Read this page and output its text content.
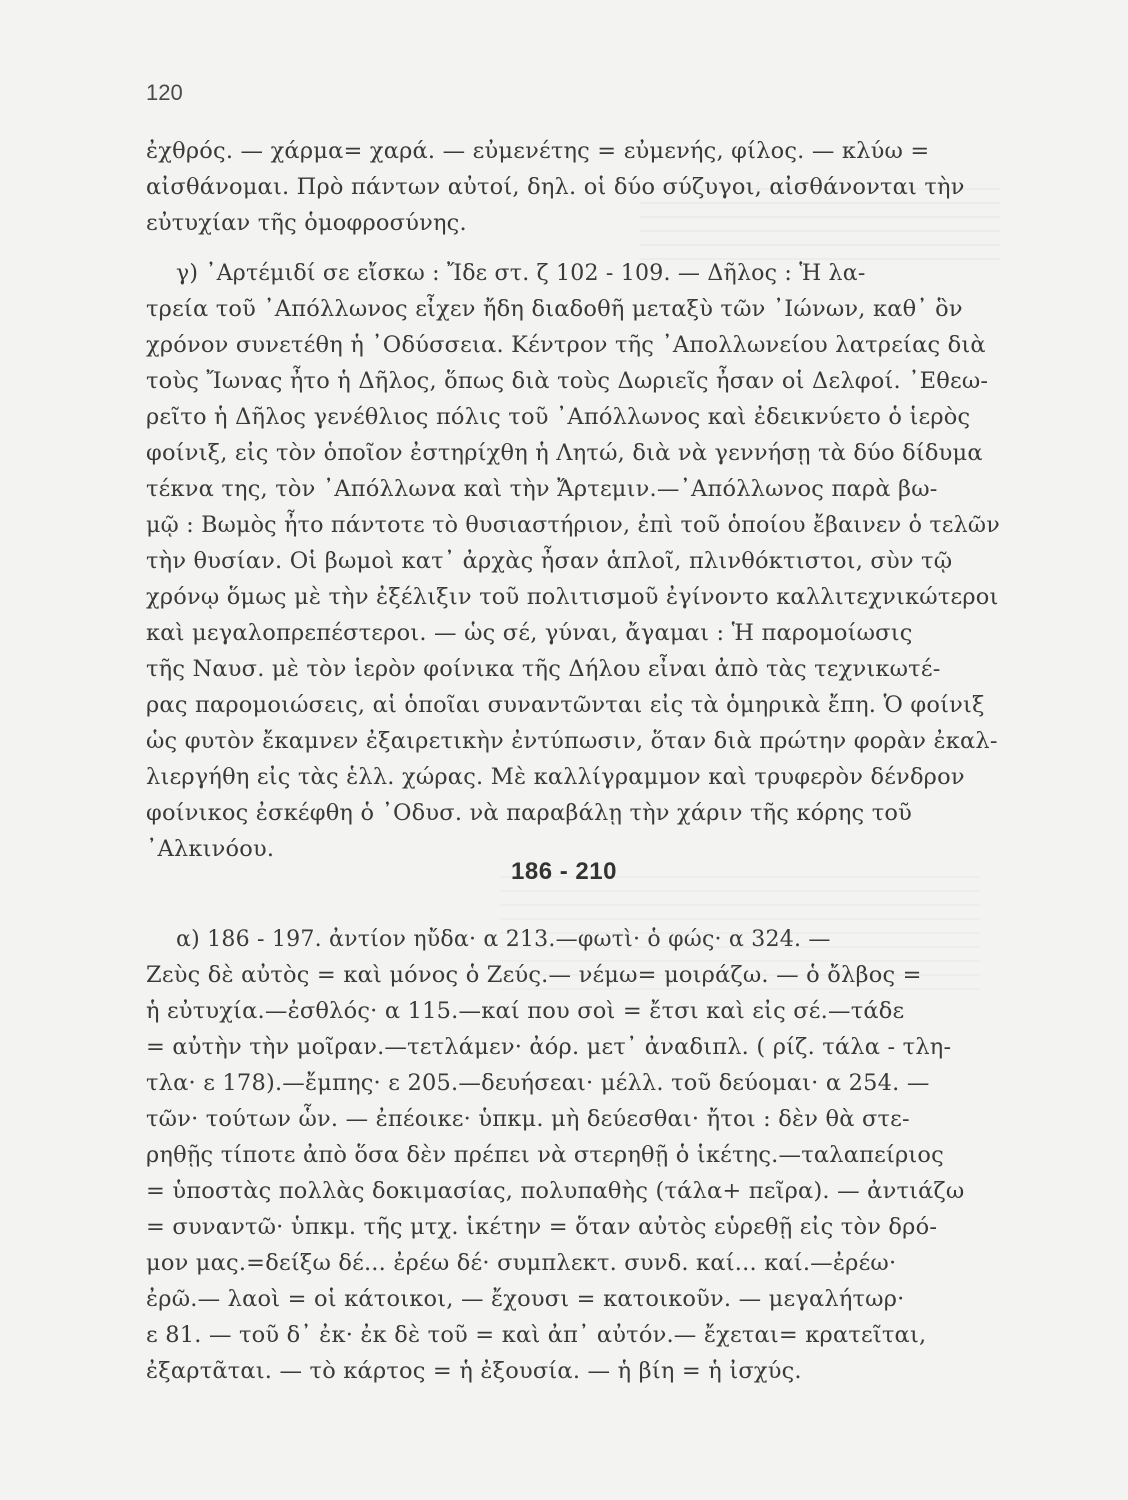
120
ἐχθρός. — χάρμα= χαρά. — εὐμενέτης = εὐμενής, φίλος. — κλύω =
αἰσθάνομαι. Πρὸ πάντων αὐτοί, δηλ. οἱ δύο σύζυγοι, αἰσθάνονται τὴν
εὐτυχίαν τῆς ὁμοφροσύνης.
γ) ᾿Αρτέμιδί σε εἴσκω : Ἴδε στ. ζ 102 - 109. — Δῆλος : Ἡ λα-
τρεία τοῦ ᾿Απόλλωνος εἶχεν ἤδη διαδοθῆ μεταξὺ τῶν ᾿Ιώνων, καθ᾿ ὃν
χρόνον συνετέθη ἡ ᾿Οδύσσεια. Κέντρον τῆς ᾿Απολλωνείου λατρείας διὰ
τοὺς Ἴωνας ἦτο ἡ Δῆλος, ὅπως διὰ τοὺς Δωριεῖς ἦσαν οἱ Δελφοί. ᾿Εθεω-
ρεῖτο ἡ Δῆλος γενέθλιος πόλις τοῦ ᾿Απόλλωνος καὶ ἐδεικνύετο ὁ ἱερὸς
φοίνιξ, εἰς τὸν ὁποῖον ἐστηρίχθη ἡ Λητώ, διὰ νὰ γεννήσῃ τὰ δύο δίδυμα
τέκνα της, τὸν ᾿Απόλλωνα καὶ τὴν Ἄρτεμιν.—᾿Απόλλωνος παρὰ βω-
μῷ : Βωμὸς ἦτο πάντοτε τὸ θυσιαστήριον, ἐπὶ τοῦ ὁποίου ἔβαινεν ὁ τελῶν
τὴν θυσίαν. Οἱ βωμοὶ κατ᾿ ἀρχὰς ἦσαν ἁπλοῖ, πλινθόκτιστοι, σὺν τῷ
χρόνῳ ὅμως μὲ τὴν ἐξέλιξιν τοῦ πολιτισμοῦ ἐγίνοντο καλλιτεχνικώτεροι
καὶ μεγαλοπρεπέστεροι. — ὡς σέ, γύναι, ἄγαμαι : Ἡ παρομοίωσις
τῆς Ναυσ. μὲ τὸν ἱερὸν φοίνικα τῆς Δήλου εἶναι ἀπὸ τὰς τεχνικωτέ-
ρας παρομοιώσεις, αἱ ὁποῖαι συναντῶνται εἰς τὰ ὁμηρικὰ ἔπη. Ὁ φοίνιξ
ὡς φυτὸν ἔκαμνεν ἐξαιρετικὴν ἐντύπωσιν, ὅταν διὰ πρώτην φορὰν ἐκαλ-
λιεργήθη εἰς τὰς ἑλλ. χώρας. Μὲ καλλίγραμμον καὶ τρυφερὸν δένδρον
φοίνικος ἐσκέφθη ὁ ᾿Οδυσ. νὰ παραβάλῃ τὴν χάριν τῆς κόρης τοῦ
᾿Αλκινόου.
186 - 210
α) 186 - 197. ἀντίον ηὔδα· α 213.—φωτὶ· ὁ φώς· α 324. —
Ζεὺς δὲ αὐτὸς = καὶ μόνος ὁ Ζεύς.— νέμω= μοιράζω. — ὁ ὄλβος =
ἡ εὐτυχία.—ἐσθλός· α 115.—καί που σοὶ = ἔτσι καὶ εἰς σέ.—τάδε
= αὐτὴν τὴν μοῖραν.—τετλάμεν· ἀόρ. μετ᾿ ἀναδιπλ. ( ρίζ. τάλα - τλη-
τλα· ε 178).—ἔμπης· ε 205.—δευήσεαι· μέλλ. τοῦ δεύομαι· α 254. —
τῶν· τούτων ὧν. — ἐπέοικε· ὑπκμ. μὴ δεύεσθαι· ἤτοι : δὲν θὰ στε-
ρηθῇς τίποτε ἀπὸ ὅσα δὲν πρέπει νὰ στερηθῇ ὁ ἱκέτης.—ταλαπείριος
= ὑποστὰς πολλὰς δοκιμασίας, πολυπαθὴς (τάλα+ πεῖρα). — ἀντιάζω
= συναντῶ· ὑπκμ. τῆς μτχ. ἱκέτην = ὅταν αὐτὸς εὑρεθῇ εἰς τὸν δρό-
μον μας.=δείξω δέ... ἐρέω δέ· συμπλεκτ. συνδ. καί... καί.—ἐρέω·
ἐρῶ.— λαοὶ = οἱ κάτοικοι, — ἔχουσι = κατοικοῦν. — μεγαλήτωρ·
ε 81. — τοῦ δ᾿ ἐκ· ἐκ δὲ τοῦ = καὶ ἀπ᾿ αὐτόν.— ἔχεται= κρατεῖται,
ἐξαρτᾶται. — τὸ κάρτος = ἡ ἐξουσία. — ἡ βίη = ἡ ἰσχύς.
